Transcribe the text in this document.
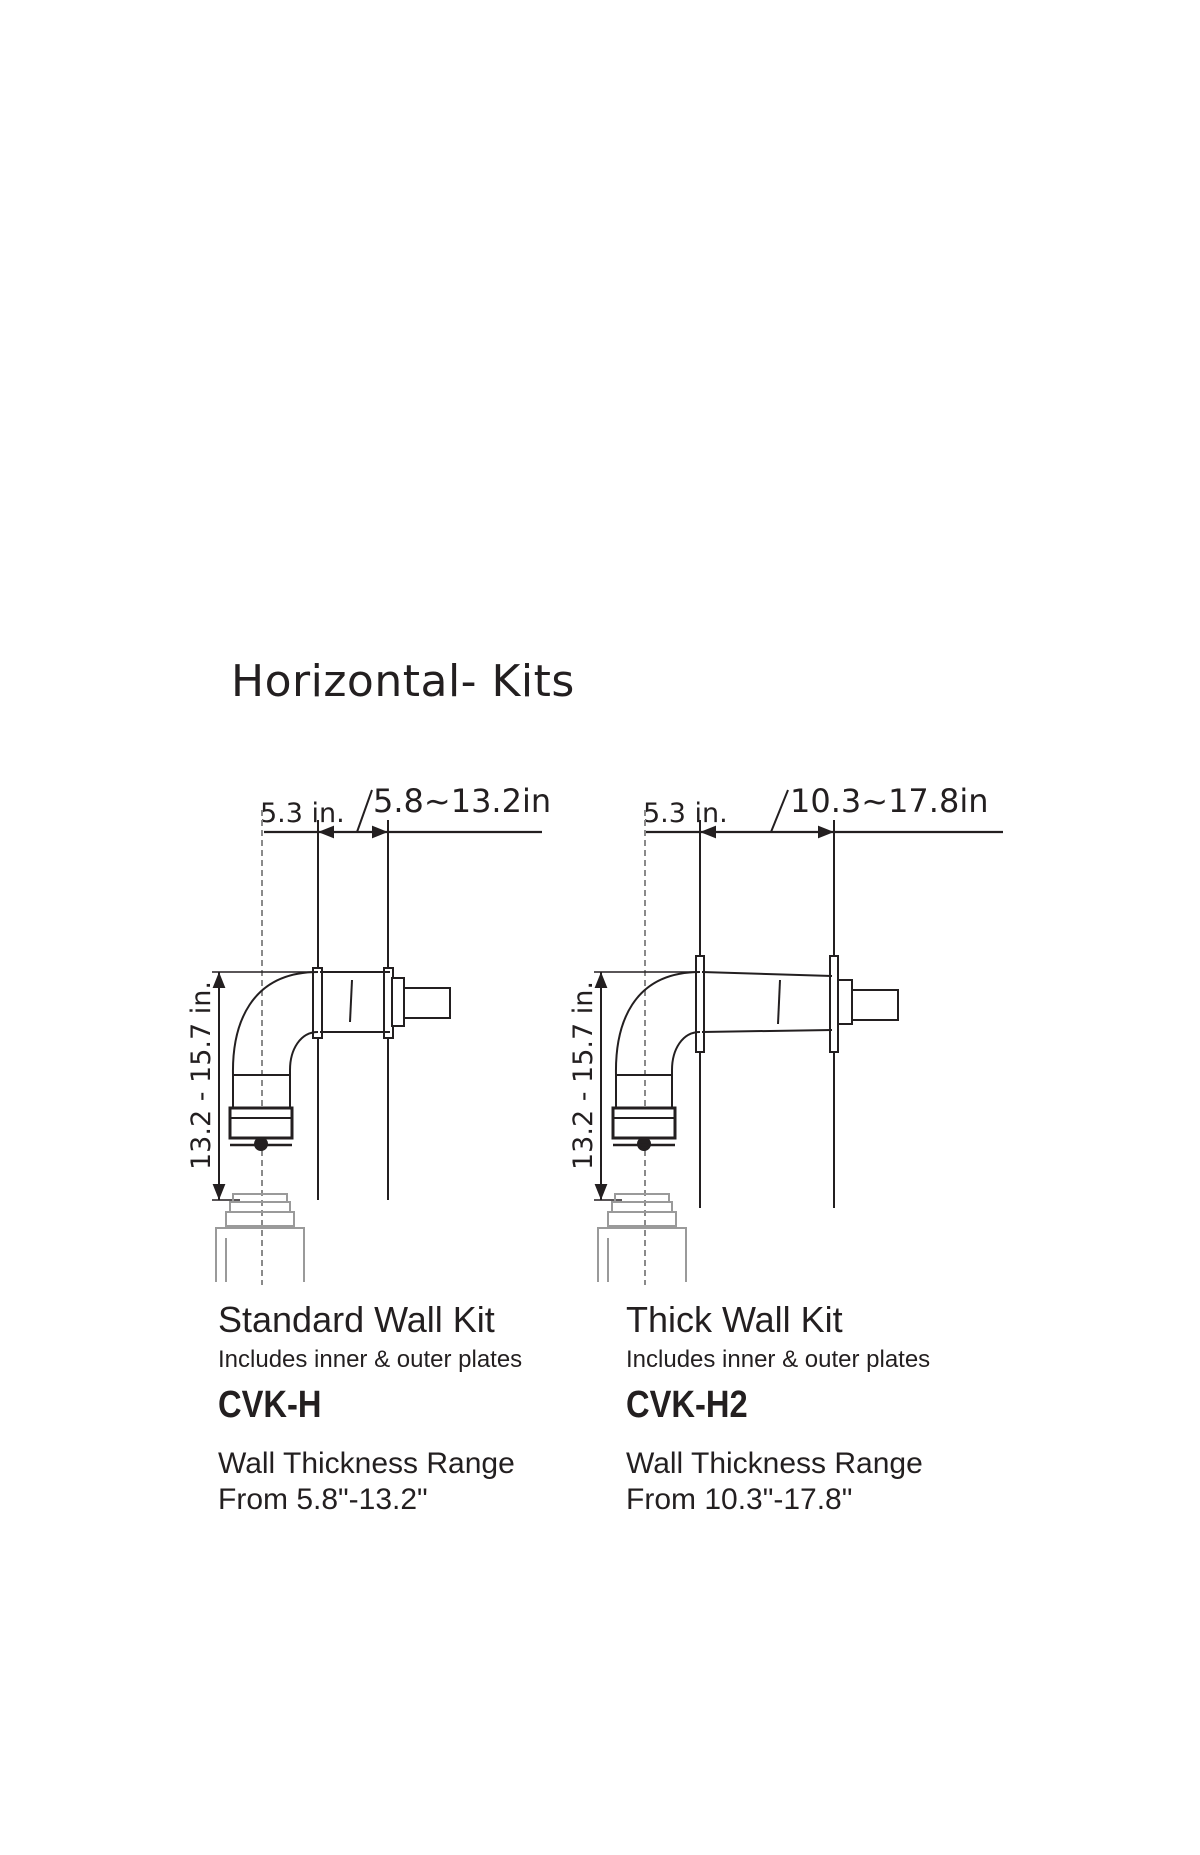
Horizontal- Kits
5.3 in. 5.8~13.2in
13.2 - 15.7 in.
5.3 in. 10.3~17.8in
13.2 - 15.7 in.
Standard Wall Kit
Includes inner & outer plates
CVK-H
Wall Thickness Range
From 5.8"-13.2"
Thick Wall Kit
Includes inner & outer plates
CVK-H2
Wall Thickness Range
From 10.3"-17.8"
